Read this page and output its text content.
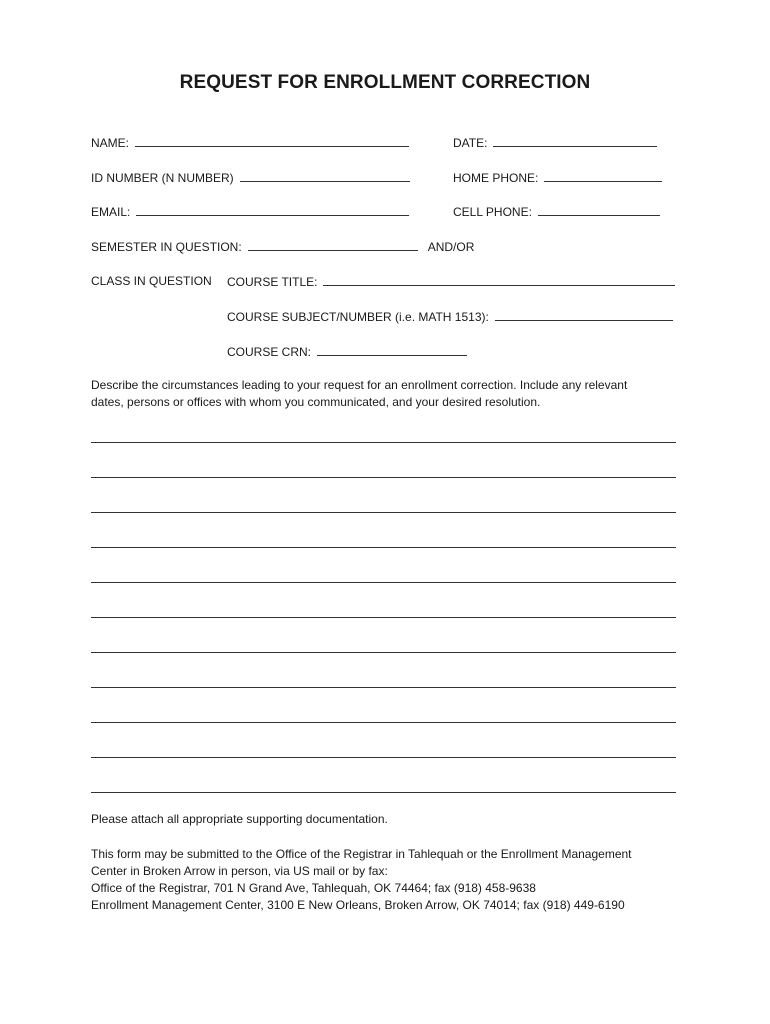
REQUEST FOR ENROLLMENT CORRECTION
NAME:	DATE:
ID NUMBER (N NUMBER)	HOME PHONE:
EMAIL:	CELL PHONE:
SEMESTER IN QUESTION:	AND/OR
CLASS IN QUESTION COURSE TITLE:
COURSE SUBJECT/NUMBER (i.e. MATH 1513):
COURSE CRN:
Describe the circumstances leading to your request for an enrollment correction. Include any relevant
dates, persons or offices with whom you communicated, and your desired resolution.
Please attach all appropriate supporting documentation.
This form may be submitted to the Office of the Registrar in Tahlequah or the Enrollment Management
Center in Broken Arrow in person, via US mail or by fax:
Office of the Registrar, 701 N Grand Ave, Tahlequah, OK 74464; fax (918) 458-9638
Enrollment Management Center, 3100 E New Orleans, Broken Arrow, OK 74014; fax (918) 449-6190
